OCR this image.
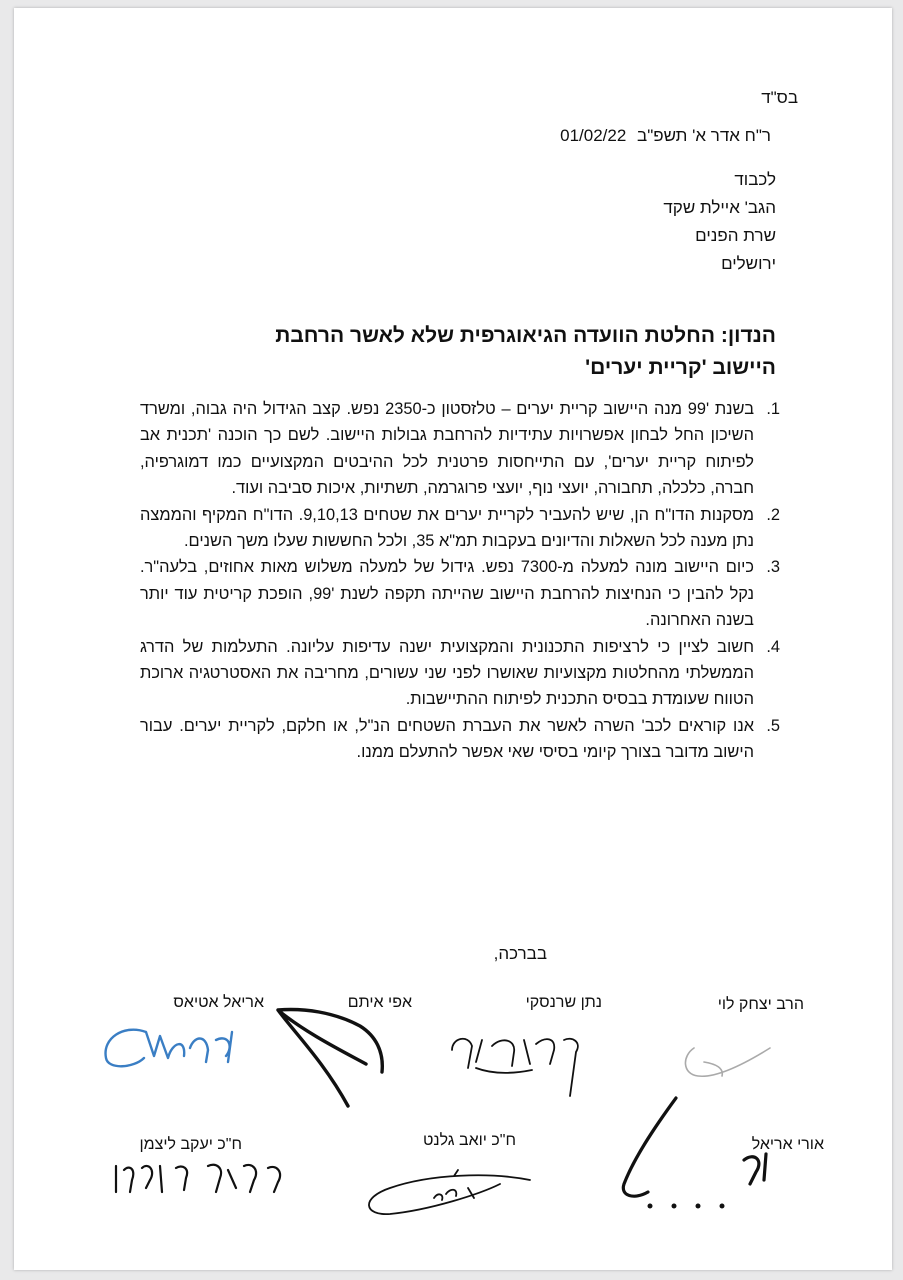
בס"ד
01/02/22 ר"ח אדר א' תשפ"ב
לכבוד
הגב' איילת שקד
שרת הפנים
ירושלים
הנדון: החלטת הוועדה הגיאוגרפית שלא לאשר הרחבת
היישוב 'קריית יערים'
1.
בשנת '99 מנה היישוב קריית יערים – טלזסטון כ-2350 נפש. קצב הגידול היה גבוה, ומשרד השיכון החל לבחון אפשרויות עתידיות להרחבת גבולות היישוב. לשם כך הוכנה 'תכנית אב לפיתוח קריית יערים', עם התייחסות פרטנית לכל ההיבטים המקצועיים כמו דמוגרפיה, חברה, כלכלה, תחבורה, יועצי נוף, יועצי פרוגרמה, תשתיות, איכות סביבה ועוד.
2.
מסקנות הדו"ח הן, שיש להעביר לקריית יערים את שטחים 9,10,13. הדו"ח המקיף והממצה נתן מענה לכל השאלות והדיונים בעקבות תמ"א 35, ולכל החששות שעלו משך השנים.
3.
כיום היישוב מונה למעלה מ-7300 נפש. גידול של למעלה משלוש מאות אחוזים, בלעה"ר. נקל להבין כי הנחיצות להרחבת היישוב שהייתה תקפה לשנת '99, הופכת קריטית עוד יותר בשנה האחרונה.
4.
חשוב לציין כי לרציפות התכנונית והמקצועית ישנה עדיפות עליונה. התעלמות של הדרג הממשלתי מהחלטות מקצועיות שאושרו לפני שני עשורים, מחריבה את האסטרטגיה ארוכת הטווח שעומדת בבסיס התכנית לפיתוח ההתיישבות.
5.
אנו קוראים לכב' השרה לאשר את העברת השטחים הנ"ל, או חלקם, לקריית יערים. עבור הישוב מדובר בצורך קיומי בסיסי שאי אפשר להתעלם ממנו.
בברכה,
הרב יצחק לוי
נתן שרנסקי
אפי איתם
אריאל אטיאס
אורי אריאל
ח"כ יואב גלנט
ח"כ יעקב ליצמן
